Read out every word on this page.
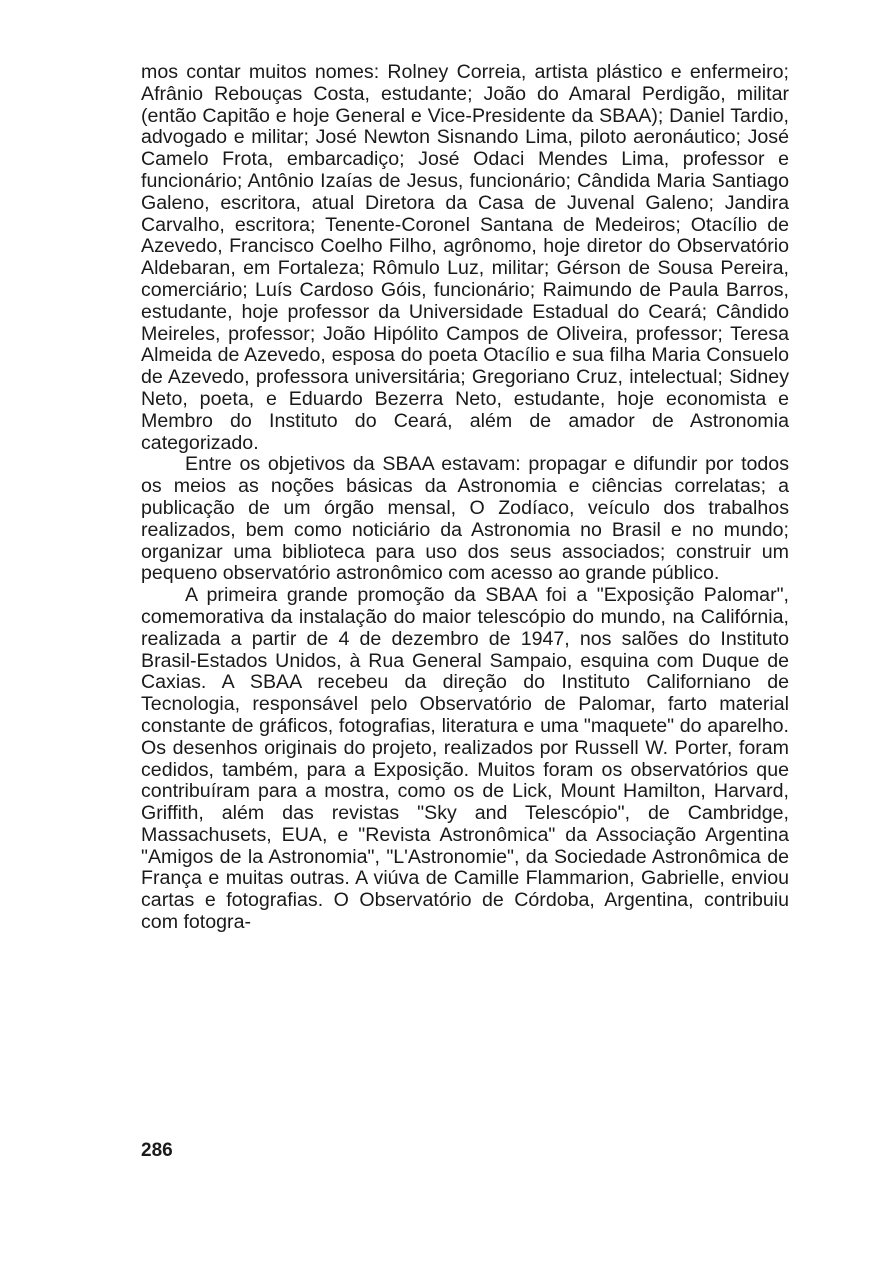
mos contar muitos nomes: Rolney Correia, artista plástico e enfermeiro; Afrânio Rebouças Costa, estudante; João do Amaral Perdigão, militar (então Capitão e hoje General e Vice-Presidente da SBAA); Daniel Tardio, advogado e militar; José Newton Sisnando Lima, piloto aeronáutico; José Camelo Frota, embarcadiço; José Odaci Mendes Lima, professor e funcionário; Antônio Izaías de Jesus, funcionário; Cândida Maria Santiago Galeno, escritora, atual Diretora da Casa de Juvenal Galeno; Jandira Carvalho, escritora; Tenente-Coronel Santana de Medeiros; Otacílio de Azevedo, Francisco Coelho Filho, agrônomo, hoje diretor do Observatório Aldebaran, em Fortaleza; Rômulo Luz, militar; Gérson de Sousa Pereira, comerciário; Luís Cardoso Góis, funcionário; Raimundo de Paula Barros, estudante, hoje professor da Universidade Estadual do Ceará; Cândido Meireles, professor; João Hipólito Campos de Oliveira, professor; Teresa Almeida de Azevedo, esposa do poeta Otacílio e sua filha Maria Consuelo de Azevedo, professora universitária; Gregoriano Cruz, intelectual; Sidney Neto, poeta, e Eduardo Bezerra Neto, estudante, hoje economista e Membro do Instituto do Ceará, além de amador de Astronomia categorizado.

Entre os objetivos da SBAA estavam: propagar e difundir por todos os meios as noções básicas da Astronomia e ciências correlatas; a publicação de um órgão mensal, O Zodíaco, veículo dos trabalhos realizados, bem como noticiário da Astronomia no Brasil e no mundo; organizar uma biblioteca para uso dos seus associados; construir um pequeno observatório astronômico com acesso ao grande público.

A primeira grande promoção da SBAA foi a "Exposição Palomar", comemorativa da instalação do maior telescópio do mundo, na Califórnia, realizada a partir de 4 de dezembro de 1947, nos salões do Instituto Brasil-Estados Unidos, à Rua General Sampaio, esquina com Duque de Caxias. A SBAA recebeu da direção do Instituto Californiano de Tecnologia, responsável pelo Observatório de Palomar, farto material constante de gráficos, fotografias, literatura e uma "maquete" do aparelho. Os desenhos originais do projeto, realizados por Russell W. Porter, foram cedidos, também, para a Exposição. Muitos foram os observatórios que contribuíram para a mostra, como os de Lick, Mount Hamilton, Harvard, Griffith, além das revistas "Sky and Telescópio", de Cambridge, Massachusets, EUA, e "Revista Astronômica" da Associação Argentina "Amigos de la Astronomia", "L'Astronomie", da Sociedade Astronômica de França e muitas outras. A viúva de Camille Flammarion, Gabrielle, enviou cartas e fotografias. O Observatório de Córdoba, Argentina, contribuiu com fotogra-

286
